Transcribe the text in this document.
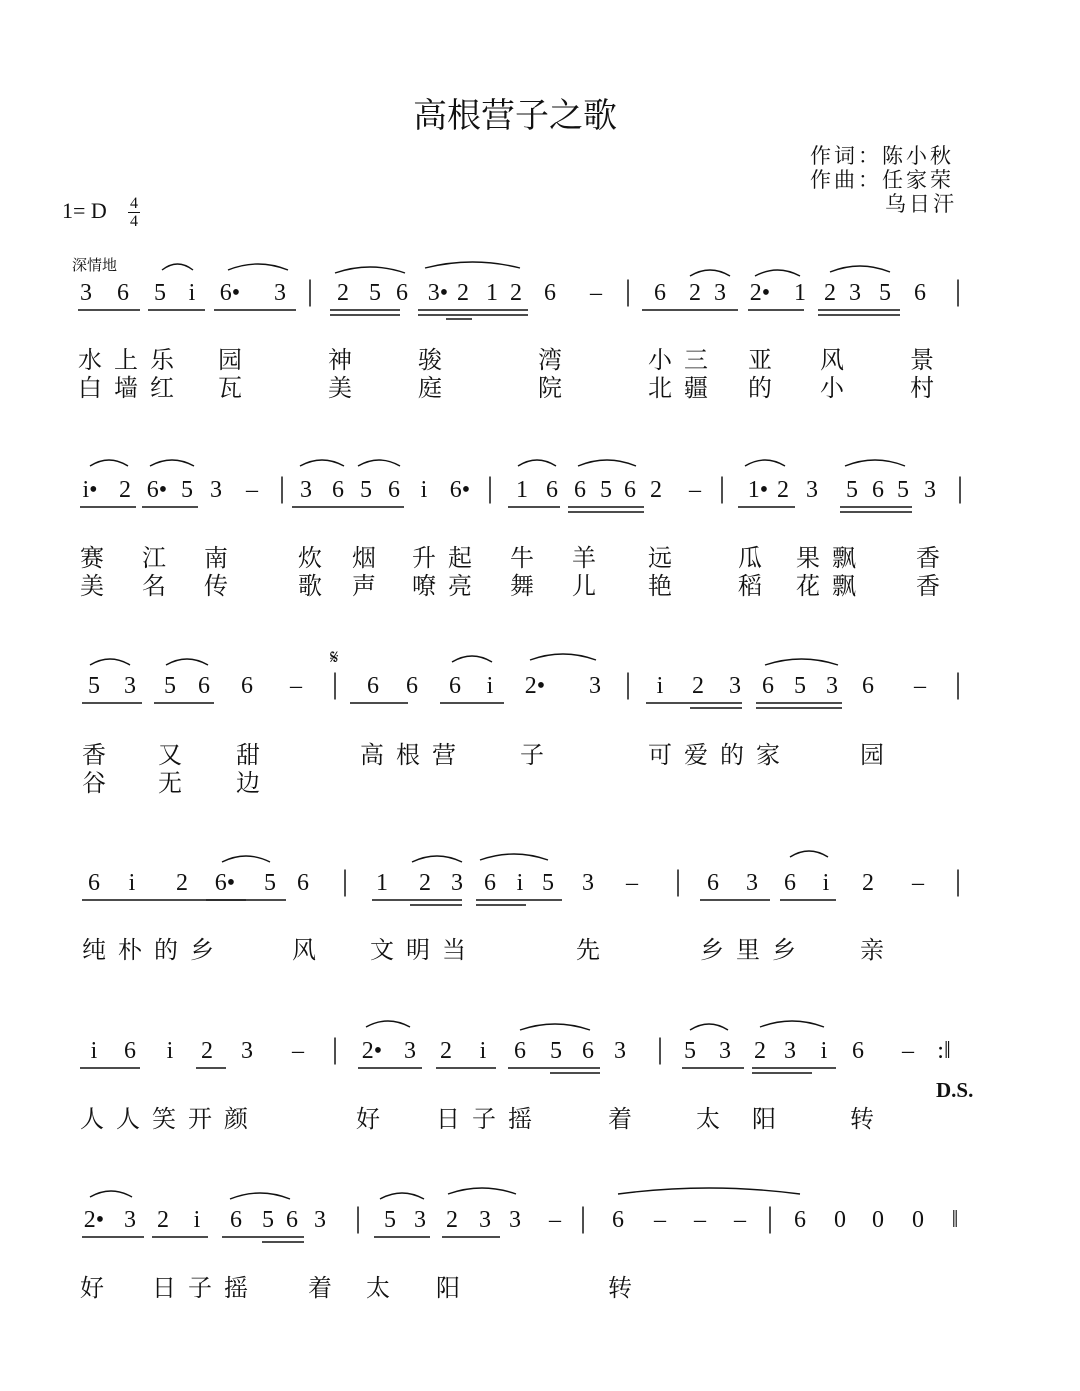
高根营子之歌
作词：陈小秋
作曲：任家荣
乌日汗
1= D 4
4
深情地
𝄋
D.S.
3 6 5 i 6• 3 | 2 5 6 3• 2 1 2 6 – | 6 2 3 2• 1 2 3 5 6 |
i• 2 6• 5 3 – | 3 6 5 6 i 6• | 1 6 6 5 6 2 – | 1• 2 3 5 6 5 3 |
5 3 5 6 6 – | 6 6 6 i 2• 3 | i 2 3 6 5 3 6 – |
6 i 2 6• 5 6 | 1 2 3 6 i 5 3 – | 6 3 6 i 2 – |
i 6 i 2 3 – | 2• 3 2 i 6 5 6 3 | 5 3 2 3 i 6 – :‖
2• 3 2 i 6 5 6 3 | 5 3 2 3 3 – | 6 – – – | 6 0 0 0 ‖
水上乐 园	神 骏	湾	小三 亚 风 景
白墙红 瓦	美 庭	院	北疆 的 小 村
赛 江 南 炊 烟 升起 牛 羊 远 瓜 果飘 香
美 名 传 歌 声 嘹亮 舞 儿 艳 稻 花飘 香
香 又 甜	高根营 子	可爱的家	园
谷 无 边
纯朴的乡	风 文明当	先	乡里乡 亲
人人笑开颜	好 日子摇	着 太 阳	转
好 日子摇 着 太 阳	转
